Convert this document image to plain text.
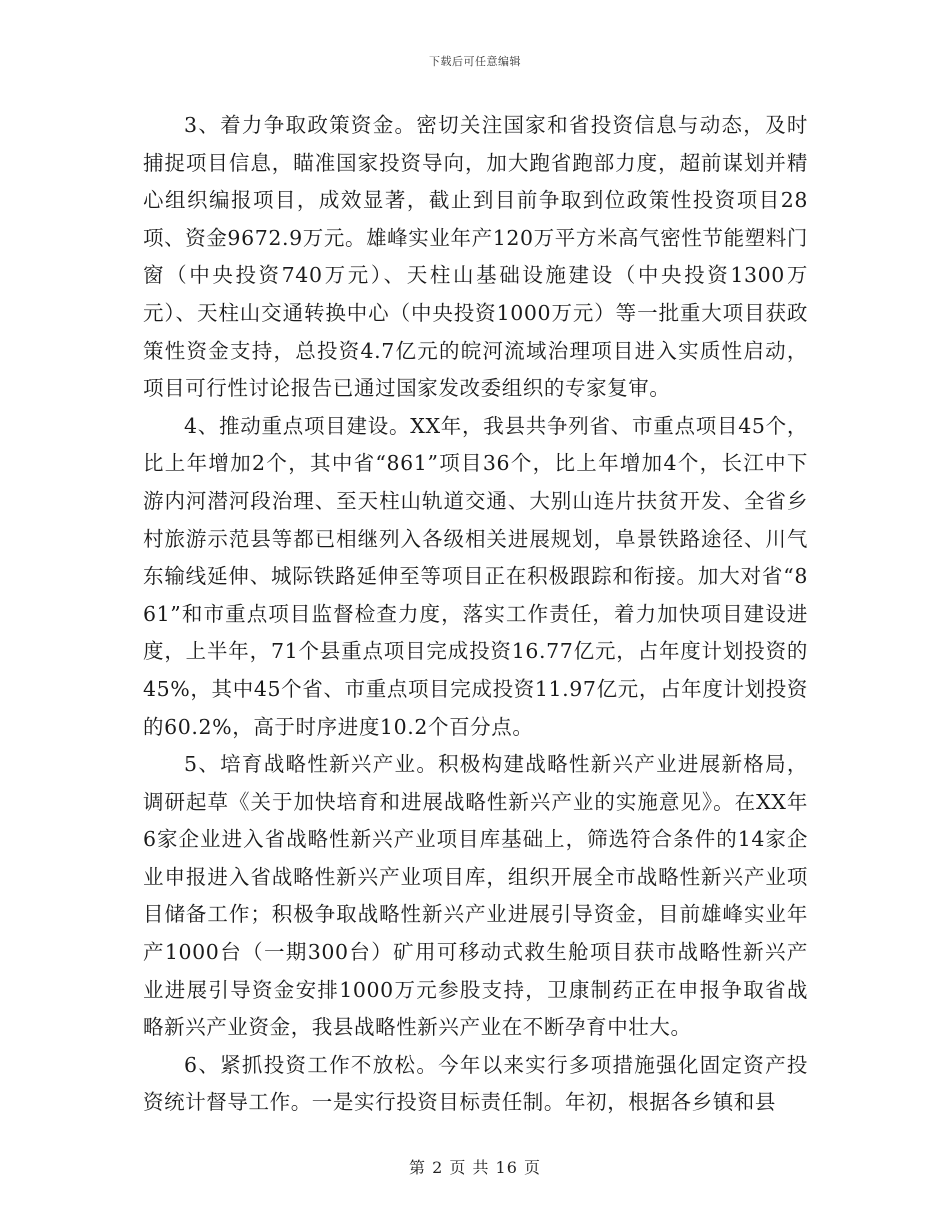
下载后可任意编辑

3、着力争取政策资金。密切关注国家和省投资信息与动态，及时捕捉项目信息，瞄准国家投资导向，加大跑省跑部力度，超前谋划并精心组织编报项目，成效显著，截止到目前争取到位政策性投资项目28项、资金9672.9万元。雄峰实业年产120万平方米高气密性节能塑料门窗（中央投资740万元）、天柱山基础设施建设（中央投资1300万元）、天柱山交通转换中心（中央投资1000万元）等一批重大项目获政策性资金支持，总投资4.7亿元的皖河流域治理项目进入实质性启动，项目可行性讨论报告已通过国家发改委组织的专家复审。

4、推动重点项目建设。XX年，我县共争列省、市重点项目45个，比上年增加2个，其中省“861”项目36个，比上年增加4个，长江中下游内河潜河段治理、至天柱山轨道交通、大别山连片扶贫开发、全省乡村旅游示范县等都已相继列入各级相关进展规划，阜景铁路途径、川气东输线延伸、城际铁路延伸至等项目正在积极跟踪和衔接。加大对省“861”和市重点项目监督检查力度，落实工作责任，着力加快项目建设进度，上半年，71个县重点项目完成投资16.77亿元，占年度计划投资的45%，其中45个省、市重点项目完成投资11.97亿元，占年度计划投资的60.2%，高于时序进度10.2个百分点。

5、培育战略性新兴产业。积极构建战略性新兴产业进展新格局，调研起草《关于加快培育和进展战略性新兴产业的实施意见》。在XX年6家企业进入省战略性新兴产业项目库基础上，筛选符合条件的14家企业申报进入省战略性新兴产业项目库，组织开展全市战略性新兴产业项目储备工作；积极争取战略性新兴产业进展引导资金，目前雄峰实业年产1000台（一期300台）矿用可移动式救生舱项目获市战略性新兴产业进展引导资金安排1000万元参股支持，卫康制药正在申报争取省战略新兴产业资金，我县战略性新兴产业在不断孕育中壮大。

6、紧抓投资工作不放松。今年以来实行多项措施强化固定资产投资统计督导工作。一是实行投资目标责任制。年初，根据各乡镇和县

第 2 页 共 16 页
